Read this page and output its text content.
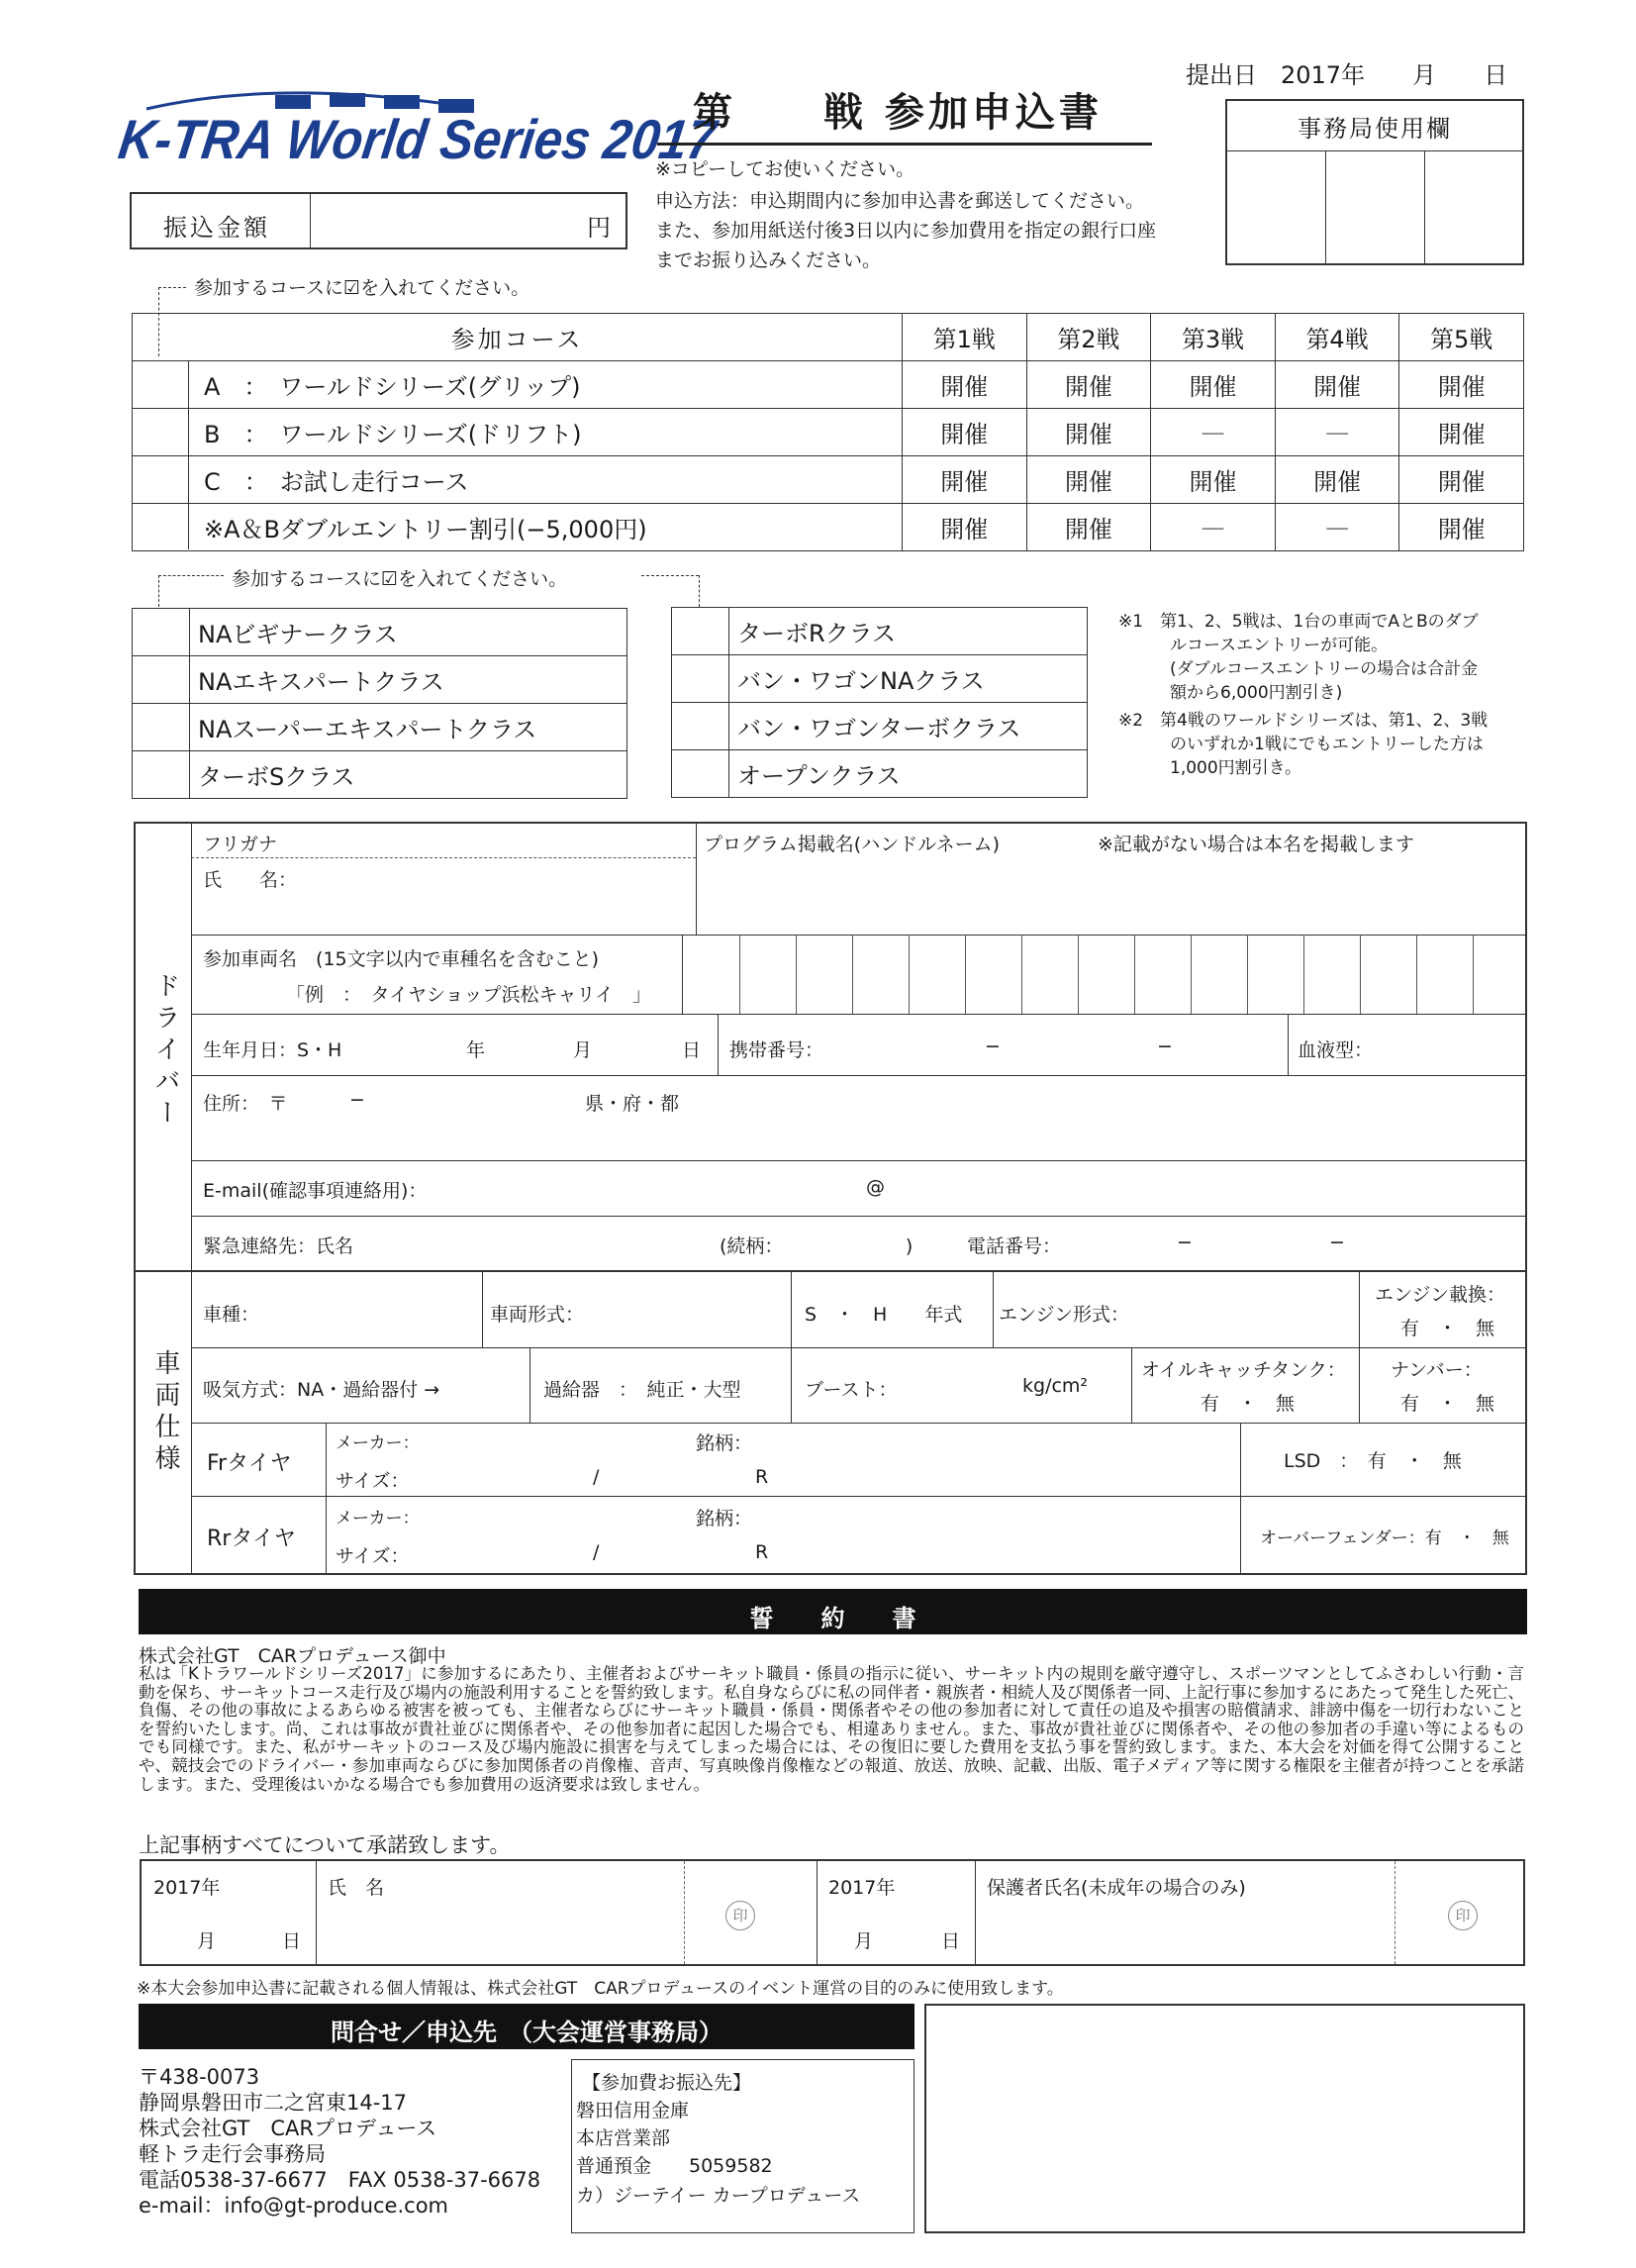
K-TRA World Series 2017
第　　戦 参加申込書
提出日　2017年　　月　　日
事務局使用欄
※コピーしてお使いください。
申込方法：申込期間内に参加申込書を郵送してください。
また、参加用紙送付後3日以内に参加費用を指定の銀行口座
までお振り込みください。
振込金額	円
参加するコースに☑を入れてください。
参加コース	第1戦	第2戦	第3戦	第4戦	第5戦
A　：　ワールドシリーズ(グリップ)	開催	開催	開催	開催	開催
B　：　ワールドシリーズ(ドリフト)	開催	開催	—	—	開催
C　：　お試し走行コース	開催	開催	開催	開催	開催
※A＆Bダブルエントリー割引(−5,000円)	開催	開催	—	—	開催
参加するコースに☑を入れてください。
	NAビギナークラス
	NAエキスパートクラス
	NAスーパーエキスパートクラス
	ターボSクラス
	ターボRクラス
	バン・ワゴンNAクラス
	バン・ワゴンターボクラス
	オープンクラス
※1　第1、2、5戦は、1台の車両でAとBのダブ
ルコースエントリーが可能。
(ダブルコースエントリーの場合は合計金
額から6,000円割引き)
※2　第4戦のワールドシリーズは、第1、2、3戦
のいずれか1戦にでもエントリーした方は
1,000円割引き。
ドライバー
フリガナ
氏　　名：
プログラム掲載名(ハンドルネーム)	※記載がない場合は本名を掲載します
参加車両名　(15文字以内で車種名を含むこと)
「例　：　タイヤショップ浜松キャリイ　」
生年月日：S・H	年	月	日 携帯番号：	−	−	血液型：
住所：　〒	−	県・府・都
E-mail(確認事項連絡用)：	@
緊急連絡先：氏名	(続柄：　　　　　　　)	電話番号：	−	−
車両仕様
車種：	車両形式：	S　・　H　　年式 エンジン形式：
エンジン載換：
有　・　無
吸気方式：NA・過給器付 →	過給器　：　純正・大型	ブースト：	kg/cm²
オイルキャッチタンク：
有　・　無
ナンバー：
有　・　無
Frタイヤ
メーカー：	銘柄：
サイズ：	/	R
LSD　：　有　・　無
Rrタイヤ
メーカー：	銘柄：
サイズ：	/	R
オーバーフェンダー：有　・　無
誓　　約　　書
株式会社GT　CARプロデュース御中
私は「Kトラワールドシリーズ2017」に参加するにあたり、主催者およびサーキット職員・係員の指示に従い、サーキット内の規則を厳守遵守し、スポーツマンとしてふさわしい行動・言動を保ち、サーキットコース走行及び場内の施設利用することを誓約致します。私自身ならびに私の同伴者・親族者・相続人及び関係者一同、上記行事に参加するにあたって発生した死亡、負傷、その他の事故によるあらゆる被害を被っても、主催者ならびにサーキット職員・係員・関係者やその他の参加者に対して責任の追及や損害の賠償請求、誹謗中傷を一切行わないことを誓約いたします。尚、これは事故が貴社並びに関係者や、その他参加者に起因した場合でも、相違ありません。また、事故が貴社並びに関係者や、その他の参加者の手違い等によるものでも同様です。また、私がサーキットのコース及び場内施設に損害を与えてしまった場合には、その復旧に要した費用を支払う事を誓約致します。また、本大会を対価を得て公開することや、競技会でのドライバー・参加車両ならびに参加関係者の肖像権、音声、写真映像肖像権などの報道、放送、放映、記載、出版、電子メディア等に関する権限を主催者が持つことを承諾します。また、受理後はいかなる場合でも参加費用の返済要求は致しません。
上記事柄すべてについて承諾致します。
2017年
月	日
氏　名
印
2017年
月	日
保護者氏名(未成年の場合のみ)
印
※本大会参加申込書に記載される個人情報は、株式会社GT　CARプロデュースのイベント運営の目的のみに使用致します。
問合せ／申込先　（大会運営事務局）
〒438-0073
静岡県磐田市二之宮東14-17
株式会社GT　CARプロデュース
軽トラ走行会事務局
電話0538-37-6677　FAX 0538-37-6678
e-mail：info@gt-produce.com
【参加費お振込先】
磐田信用金庫
本店営業部
普通預金　　5059582
カ）ジーテイー カープロデュース
